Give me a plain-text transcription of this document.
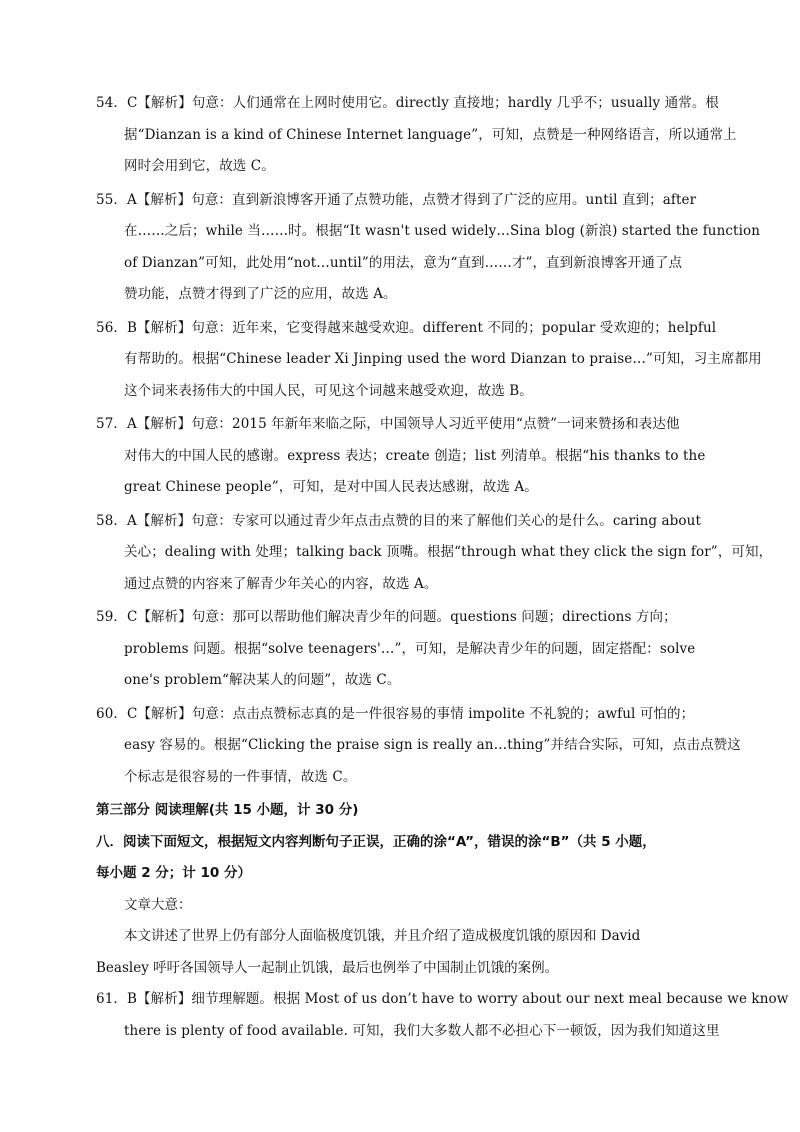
54．C【解析】句意：人们通常在上网时使用它。directly 直接地；hardly 几乎不；usually 通常。根
据“Dianzan is a kind of Chinese Internet language”，可知，点赞是一种网络语言，所以通常上
网时会用到它，故选 C。
55．A【解析】句意：直到新浪博客开通了点赞功能，点赞才得到了广泛的应用。until 直到；after
在……之后；while 当……时。根据“It wasn't used widely…Sina blog (新浪) started the function
of Dianzan”可知，此处用“not…until”的用法，意为“直到……才”，直到新浪博客开通了点
赞功能，点赞才得到了广泛的应用，故选 A。
56．B【解析】句意：近年来，它变得越来越受欢迎。different 不同的；popular 受欢迎的；helpful
有帮助的。根据“Chinese leader Xi Jinping used the word Dianzan to praise…”可知，习主席都用
这个词来表扬伟大的中国人民，可见这个词越来越受欢迎，故选 B。
57．A【解析】句意：2015 年新年来临之际，中国领导人习近平使用“点赞”一词来赞扬和表达他
对伟大的中国人民的感谢。express 表达；create 创造；list 列清单。根据“his thanks to the
great Chinese people”，可知，是对中国人民表达感谢，故选 A。
58．A【解析】句意：专家可以通过青少年点击点赞的目的来了解他们关心的是什么。caring about
关心；dealing with 处理；talking back 顶嘴。根据“through what they click the sign for”，可知，
通过点赞的内容来了解青少年关心的内容，故选 A。
59．C【解析】句意：那可以帮助他们解决青少年的问题。questions 问题；directions 方向；
problems 问题。根据“solve teenagers'…”，可知，是解决青少年的问题，固定搭配：solve
one's problem“解决某人的问题”，故选 C。
60．C【解析】句意：点击点赞标志真的是一件很容易的事情 impolite 不礼貌的；awful 可怕的；
easy 容易的。根据“Clicking the praise sign is really an…thing”并结合实际，可知，点击点赞这
个标志是很容易的一件事情，故选 C。
第三部分 阅读理解(共 15 小题，计 30 分)
八．阅读下面短文，根据短文内容判断句子正误，正确的涂“A”，错误的涂“B”（共 5 小题，
每小题 2 分；计 10 分）
文章大意：
本文讲述了世界上仍有部分人面临极度饥饿，并且介绍了造成极度饥饿的原因和 David
Beasley 呼吁各国领导人一起制止饥饿，最后也例举了中国制止饥饿的案例。
61．B【解析】细节理解题。根据 Most of us don’t have to worry about our next meal because we know
there is plenty of food available. 可知，我们大多数人都不必担心下一顿饭，因为我们知道这里
